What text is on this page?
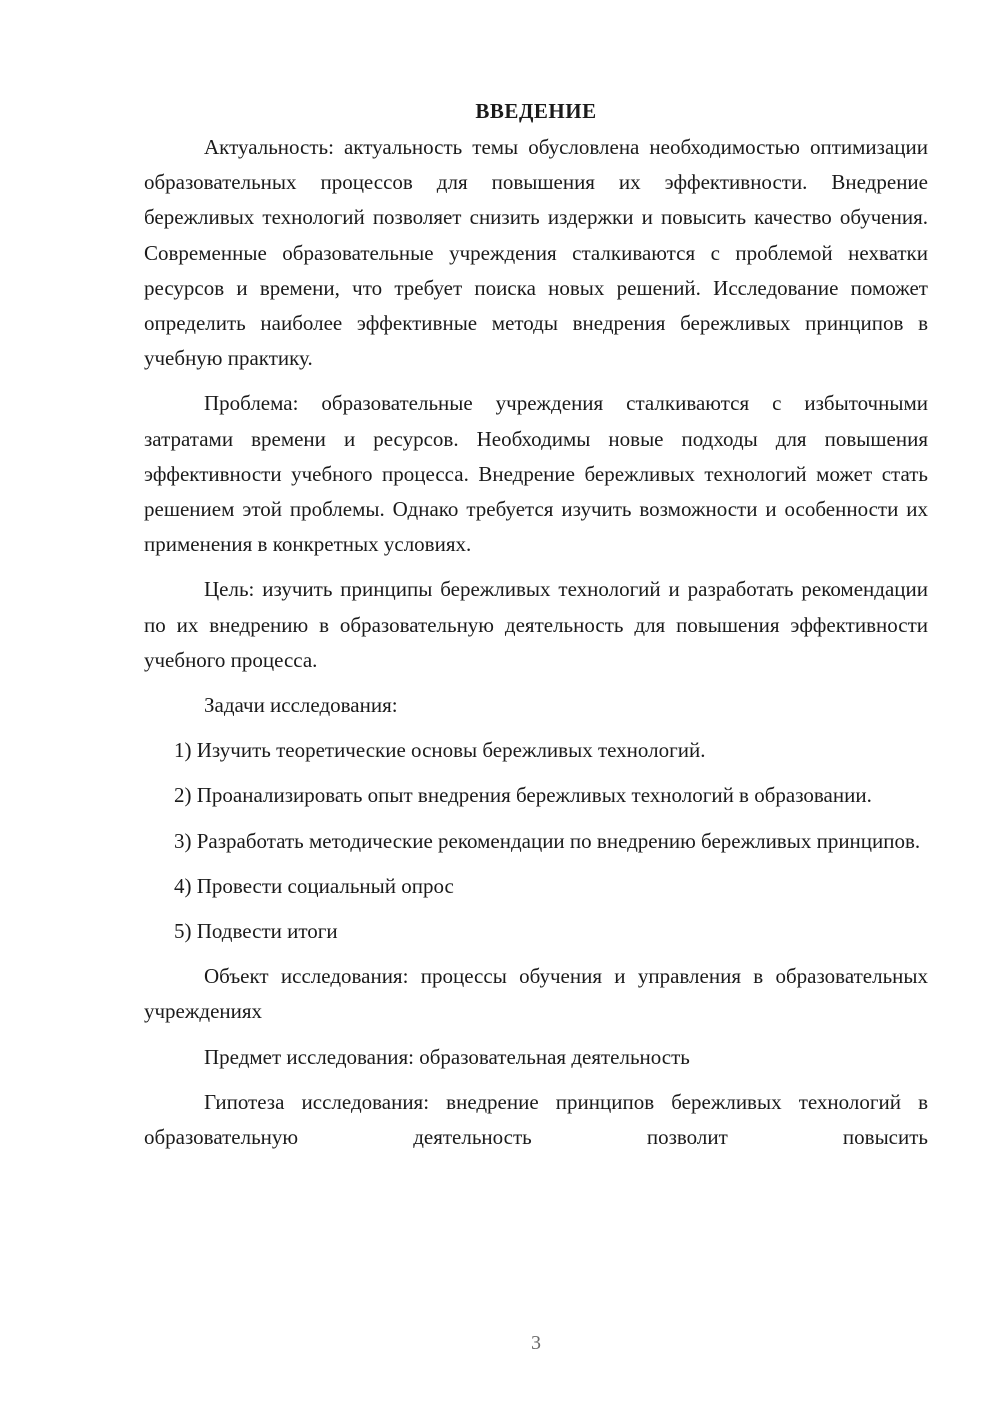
ВВЕДЕНИЕ

Актуальность: актуальность темы обусловлена необходимостью оптимизации образовательных процессов для повышения их эффективности. Внедрение бережливых технологий позволяет снизить издержки и повысить качество обучения. Современные образовательные учреждения сталкиваются с проблемой нехватки ресурсов и времени, что требует поиска новых решений. Исследование поможет определить наиболее эффективные методы внедрения бережливых принципов в учебную практику.

Проблема: образовательные учреждения сталкиваются с избыточными затратами времени и ресурсов. Необходимы новые подходы для повышения эффективности учебного процесса. Внедрение бережливых технологий может стать решением этой проблемы. Однако требуется изучить возможности и особенности их применения в конкретных условиях.

Цель: изучить принципы бережливых технологий и разработать рекомендации по их внедрению в образовательную деятельность для повышения эффективности учебного процесса.

Задачи исследования:

1) Изучить теоретические основы бережливых технологий.

2) Проанализировать опыт внедрения бережливых технологий в образовании.

3) Разработать методические рекомендации по внедрению бережливых принципов.

4) Провести социальный опрос

5) Подвести итоги

Объект исследования: процессы обучения и управления в образовательных учреждениях

Предмет исследования: образовательная деятельность

Гипотеза исследования: внедрение принципов бережливых технологий в образовательную деятельность позволит повысить

3
